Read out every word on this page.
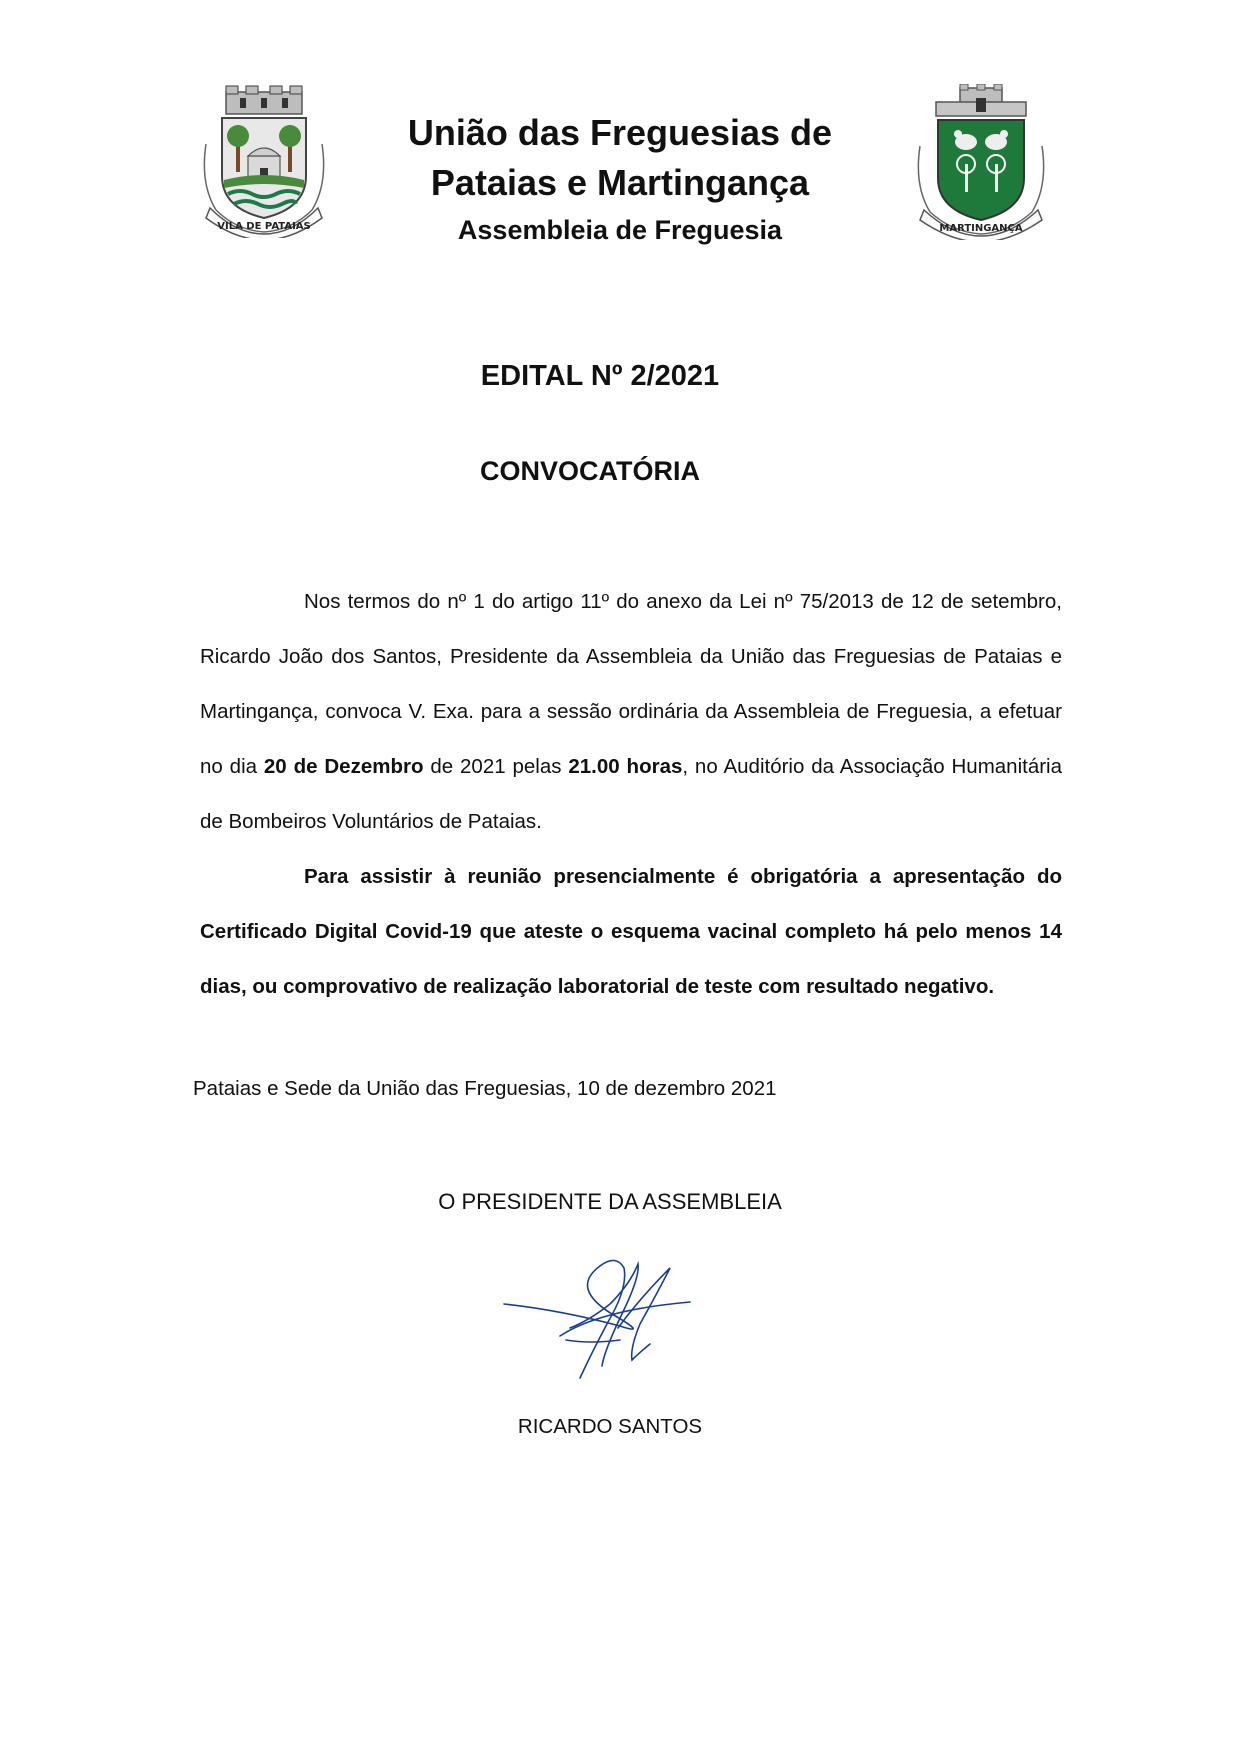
VILA DE PATAIAS
União das Freguesias de
Pataias e Martingança
Assembleia de Freguesia	MARTINGANÇA
EDITAL Nº 2/2021
CONVOCATÓRIA

Nos termos do nº 1 do artigo 11º do anexo da Lei nº 75/2013 de 12 de setembro, Ricardo João dos Santos, Presidente da Assembleia da União das Freguesias de Pataias e Martingança, convoca V. Exa. para a sessão ordinária da Assembleia de Freguesia, a efetuar no dia 20 de Dezembro de 2021 pelas 21.00 horas, no Auditório da Associação Humanitária de Bombeiros Voluntários de Pataias.

Para assistir à reunião presencialmente é obrigatória a apresentação do Certificado Digital Covid-19 que ateste o esquema vacinal completo há pelo menos 14 dias, ou comprovativo de realização laboratorial de teste com resultado negativo.

Pataias e Sede da União das Freguesias, 10 de dezembro 2021
O PRESIDENTE DA ASSEMBLEIA
RICARDO SANTOS
